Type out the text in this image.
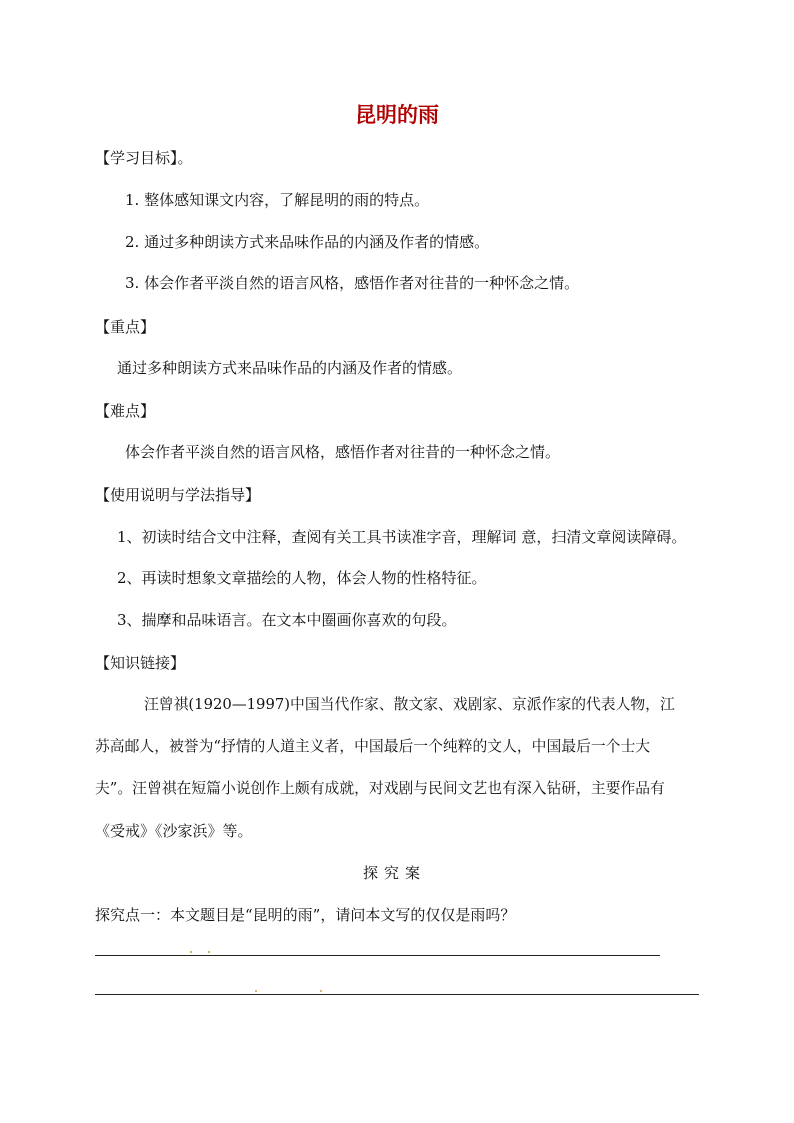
昆明的雨
【学习目标】。
1. 整体感知课文内容，了解昆明的雨的特点。
2. 通过多种朗读方式来品味作品的内涵及作者的情感。
3. 体会作者平淡自然的语言风格，感悟作者对往昔的一种怀念之情。
【重点】
通过多种朗读方式来品味作品的内涵及作者的情感。
【难点】
体会作者平淡自然的语言风格，感悟作者对往昔的一种怀念之情。
【使用说明与学法指导】
1、初读时结合文中注释，查阅有关工具书读准字音，理解词 意，扫清文章阅读障碍。
2、再读时想象文章描绘的人物，体会人物的性格特征。
3、揣摩和品味语言。在文本中圈画你喜欢的句段。
【知识链接】
汪曾祺(1920—1997)中国当代作家、散文家、戏剧家、京派作家的代表人物，江
苏高邮人，被誉为“抒情的人道主义者，中国最后一个纯粹的文人，中国最后一个士大
夫”。汪曾祺在短篇小说创作上颇有成就，对戏剧与民间文艺也有深入钻研，主要作品有
《受戒》《沙家浜》等。
探究案
探究点一：本文题目是“昆明的雨”，请问本文写的仅仅是雨吗？
